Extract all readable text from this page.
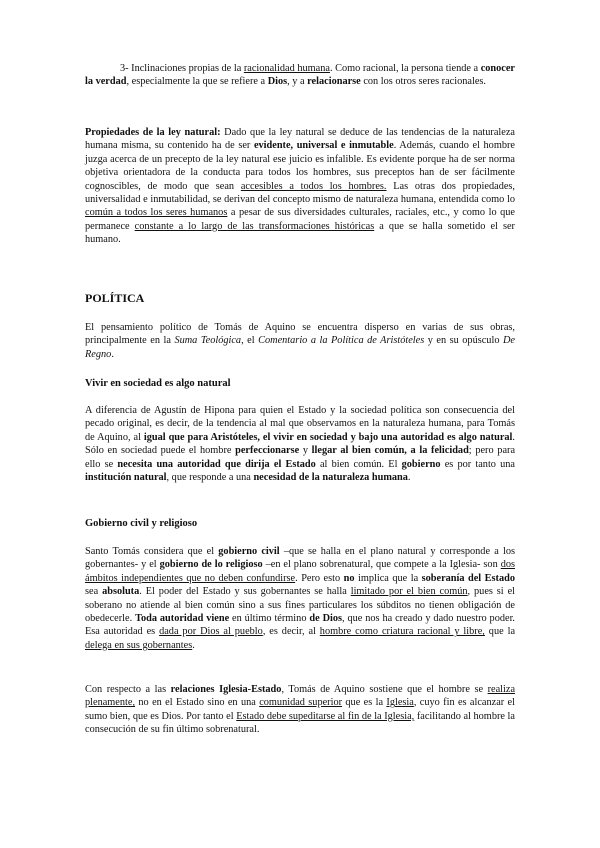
3- Inclinaciones propias de la racionalidad humana. Como racional, la persona tiende a conocer la verdad, especialmente la que se refiere a Dios, y a relacionarse con los otros seres racionales.

Propiedades de la ley natural: Dado que la ley natural se deduce de las tendencias de la naturaleza humana misma, su contenido ha de ser evidente, universal e inmutable. Además, cuando el hombre juzga acerca de un precepto de la ley natural ese juicio es infalible. Es evidente porque ha de ser norma objetiva orientadora de la conducta para todos los hombres, sus preceptos han de ser fácilmente cognoscibles, de modo que sean accesibles a todos los hombres. Las otras dos propiedades, universalidad e inmutabilidad, se derivan del concepto mismo de naturaleza humana, entendida como lo común a todos los seres humanos a pesar de sus diversidades culturales, raciales, etc., y como lo que permanece constante a lo largo de las transformaciones históricas a que se halla sometido el ser humano.

POLÍTICA

El pensamiento político de Tomás de Aquino se encuentra disperso en varias de sus obras, principalmente en la Suma Teológica, el Comentario a la Política de Aristóteles y en su opúsculo De Regno.

Vivir en sociedad es algo natural

A diferencia de Agustín de Hipona para quien el Estado y la sociedad política son consecuencia del pecado original, es decir, de la tendencia al mal que observamos en la naturaleza humana, para Tomás de Aquino, al igual que para Aristóteles, el vivir en sociedad y bajo una autoridad es algo natural. Sólo en sociedad puede el hombre perfeccionarse y llegar al bien común, a la felicidad; pero para ello se necesita una autoridad que dirija el Estado al bien común. El gobierno es por tanto una institución natural, que responde a una necesidad de la naturaleza humana.

Gobierno civil y religioso

Santo Tomás considera que el gobierno civil –que se halla en el plano natural y corresponde a los gobernantes- y el gobierno de lo religioso –en el plano sobrenatural, que compete a la Iglesia- son dos ámbitos independientes que no deben confundirse. Pero esto no implica que la soberanía del Estado sea absoluta. El poder del Estado y sus gobernantes se halla limitado por el bien común, pues si el soberano no atiende al bien común sino a sus fines particulares los súbditos no tienen obligación de obedecerle. Toda autoridad viene en último término de Dios, que nos ha creado y dado nuestro poder. Esa autoridad es dada por Dios al pueblo, es decir, al hombre como criatura racional y libre, que la delega en sus gobernantes.

Con respecto a las relaciones Iglesia-Estado, Tomás de Aquino sostiene que el hombre se realiza plenamente, no en el Estado sino en una comunidad superior que es la Iglesia, cuyo fin es alcanzar el sumo bien, que es Dios. Por tanto el Estado debe supeditarse al fin de la Iglesia, facilitando al hombre la consecución de su fin último sobrenatural.
